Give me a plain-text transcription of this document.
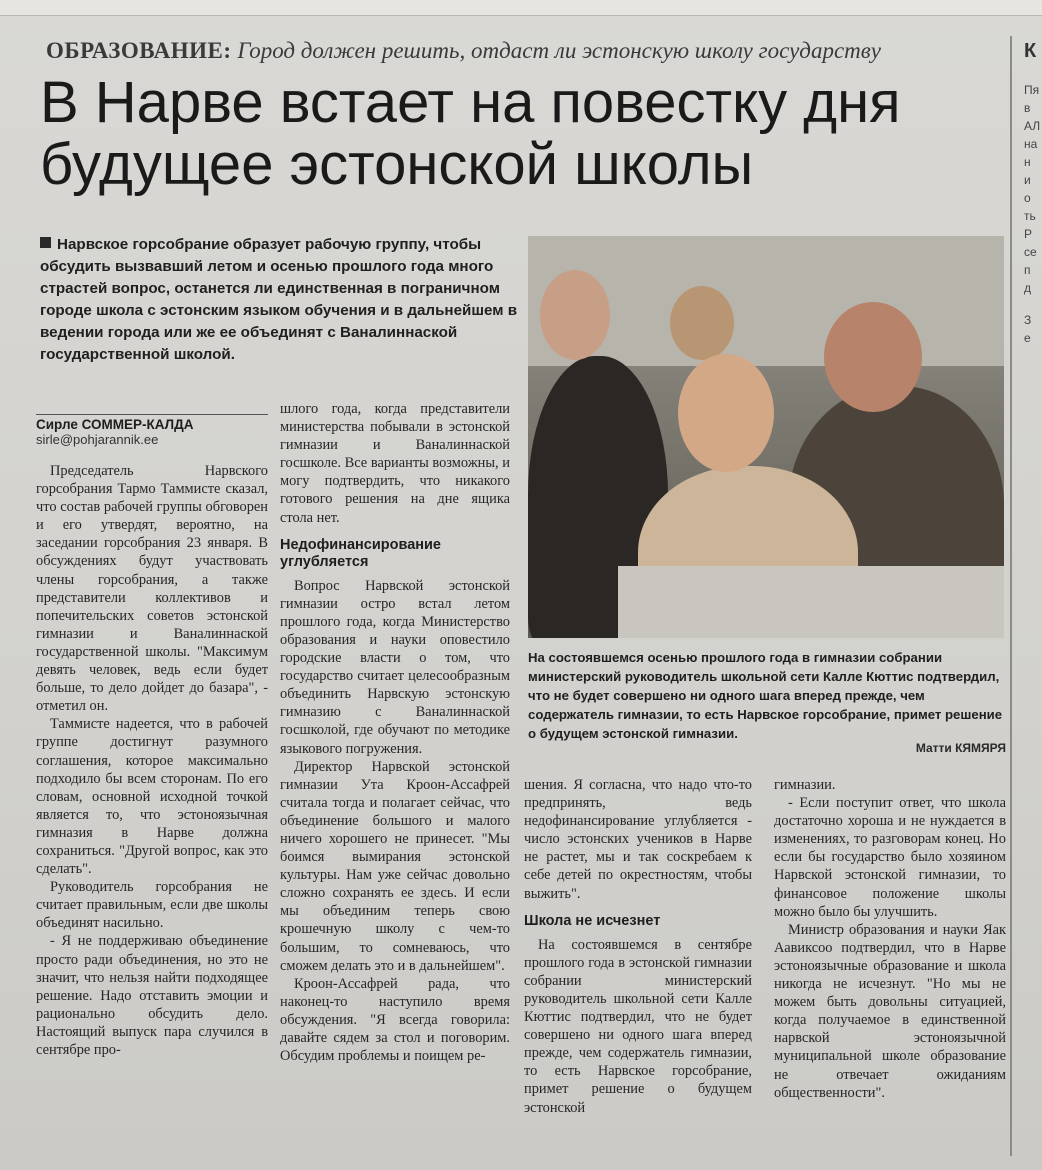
ОБРАЗОВАНИЕ: Город должен решить, отдаст ли эстонскую школу государству
В Нарве встает на повестку дня
будущее эстонской школы
Нарвское горсобрание образует рабочую группу, чтобы обсудить вызвавший летом и осенью прошлого года много страстей вопрос, останется ли единственная в пограничном городе школа с эстонским языком обучения и в дальнейшем в ведении города или же ее объединят с Ваналиннаской государственной школой.
Сирле СОММЕР-КАЛДА
sirle@pohjarannik.ee

Председатель Нарвского горсобрания Тармо Таммисте сказал, что состав рабочей группы обговорен и его утвердят, вероятно, на заседании горсобрания 23 января. В обсуждениях будут участвовать члены горсобрания, а также представители коллективов и попечительских советов эстонской гимназии и Ваналиннаской государственной школы. "Максимум девять человек, ведь если будет больше, то дело дойдет до базара", - отметил он.

Таммисте надеется, что в рабочей группе достигнут разумного соглашения, которое максимально подходило бы всем сторонам. По его словам, основной исходной точкой является то, что эстоноязычная гимназия в Нарве должна сохраниться. "Другой вопрос, как это сделать".

Руководитель горсобрания не считает правильным, если две школы объединят насильно.

- Я не поддерживаю объединение просто ради объединения, но это не значит, что нельзя найти подходящее решение. Надо отставить эмоции и рационально обсудить дело. Настоящий выпуск пара случился в сентябре про-

шлого года, когда представители министерства побывали в эстонской гимназии и Ваналиннаской госшколе. Все варианты возможны, и могу подтвердить, что никакого готового решения на дне ящика стола нет.

Недофинансирование углубляется

Вопрос Нарвской эстонской гимназии остро встал летом прошлого года, когда Министерство образования и науки оповестило городские власти о том, что государство считает целесообразным объединить Нарвскую эстонскую гимназию с Ваналиннаской госшколой, где обучают по методике языкового погружения.

Директор Нарвской эстонской гимназии Ута Кроон-Ассафрей считала тогда и полагает сейчас, что объединение большого и малого ничего хорошего не принесет. "Мы боимся вымирания эстонской культуры. Нам уже сейчас довольно сложно сохранять ее здесь. И если мы объединим теперь свою крошечную школу с чем-то большим, то сомневаюсь, что сможем делать это и в дальнейшем".

Кроон-Ассафрей рада, что наконец-то наступило время обсуждения. "Я всегда говорила: давайте сядем за стол и поговорим. Обсудим проблемы и поищем ре-

На состоявшемся осенью прошлого года в гимназии собрании министерский руководитель школьной сети Калле Кюттис подтвердил, что не будет совершено ни одного шага вперед прежде, чем содержатель гимназии, то есть Нарвское горсобрание, примет решение о будущем эстонской гимназии.
Матти КЯМЯРЯ

шения. Я согласна, что надо что-то предпринять, ведь недофинансирование углубляется - число эстонских учеников в Нарве не растет, мы и так соскребаем к себе детей по окрестностям, чтобы выжить".

Школа не исчезнет

На состоявшемся в сентябре прошлого года в эстонской гимназии собрании министерский руководитель школьной сети Калле Кюттис подтвердил, что не будет совершено ни одного шага вперед прежде, чем содержатель гимназии, то есть Нарвское горсобрание, примет решение о будущем эстонской

гимназии.

- Если поступит ответ, что школа достаточно хороша и не нуждается в изменениях, то разговорам конец. Но если бы государство было хозяином Нарвской эстонской гимназии, то финансовое положение школы можно было бы улучшить.

Министр образования и науки Яак Аавиксоо подтвердил, что в Нарве эстоноязычные образование и школа никогда не исчезнут. "Но мы не можем быть довольны ситуацией, когда получаемое в единственной нарвской эстоноязычной муниципальной школе образование не отвечает ожиданиям общественности".

К
Пя
в
АЛ
на
н
и
о
ть
Р
се
п
д
З
е
